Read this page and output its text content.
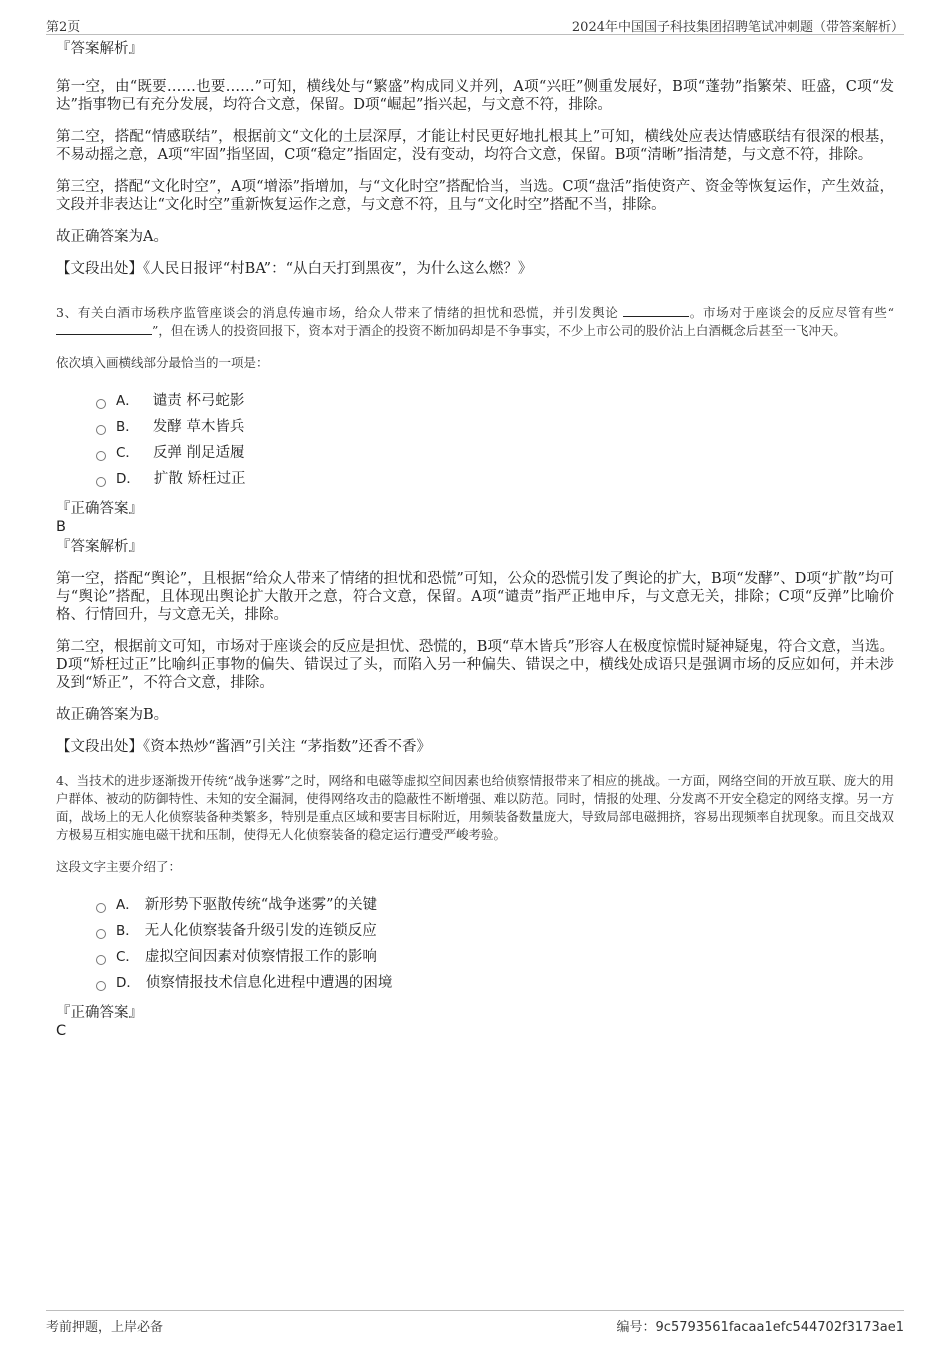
第2页	2024年中国国子科技集团招聘笔试冲刺题（带答案解析）

『答案解析』

第一空，由“既要……也要……”可知，横线处与“繁盛”构成同义并列，A项“兴旺”侧重发展好，B项“蓬勃”指繁荣、旺盛，C项“发达”指事物已有充分发展，均符合文意，保留。D项“崛起”指兴起，与文意不符，排除。

第二空，搭配“情感联结”，根据前文“文化的土层深厚，才能让村民更好地扎根其上”可知，横线处应表达情感联结有很深的根基，不易动摇之意，A项“牢固”指坚固，C项“稳定”指固定，没有变动，均符合文意，保留。B项“清晰”指清楚，与文意不符，排除。

第三空，搭配“文化时空”，A项“增添”指增加，与“文化时空”搭配恰当，当选。C项“盘活”指使资产、资金等恢复运作，产生效益，文段并非表达让“文化时空”重新恢复运作之意，与文意不符，且与“文化时空”搭配不当，排除。

故正确答案为A。

【文段出处】《人民日报评“村BA”：“从白天打到黑夜”，为什么这么燃？》

3、有关白酒市场秩序监管座谈会的消息传遍市场，给众人带来了情绪的担忧和恐慌，并引发舆论	。市场对于座谈会的反应尽管有些“ ”，但在诱人的投资回报下，资本对于酒企的投资不断加码却是不争事实，不少上市公司的股价沾上白酒概念后甚至一飞冲天。

依次填入画横线部分最恰当的一项是：

A． 谴责 杯弓蛇影
B． 发酵 草木皆兵
C． 反弹 削足适履
D． 扩散 矫枉过正

『正确答案』

B

『答案解析』

第一空，搭配“舆论”，且根据“给众人带来了情绪的担忧和恐慌”可知，公众的恐慌引发了舆论的扩大，B项“发酵”、D项“扩散”均可与“舆论”搭配，且体现出舆论扩大散开之意，符合文意，保留。A项“谴责”指严正地申斥，与文意无关，排除；C项“反弹”比喻价格、行情回升，与文意无关，排除。

第二空，根据前文可知，市场对于座谈会的反应是担忧、恐慌的，B项“草木皆兵”形容人在极度惊慌时疑神疑鬼，符合文意，当选。D项“矫枉过正”比喻纠正事物的偏失、错误过了头，而陷入另一种偏失、错误之中，横线处成语只是强调市场的反应如何，并未涉及到“矫正”，不符合文意，排除。

故正确答案为B。

【文段出处】《资本热炒“酱酒”引关注 “茅指数”还香不香》

4、当技术的进步逐渐拨开传统“战争迷雾”之时，网络和电磁等虚拟空间因素也给侦察情报带来了相应的挑战。一方面，网络空间的开放互联、庞大的用户群体、被动的防御特性、未知的安全漏洞，使得网络攻击的隐蔽性不断增强、难以防范。同时，情报的处理、分发离不开安全稳定的网络支撑。另一方面，战场上的无人化侦察装备种类繁多，特别是重点区域和要害目标附近，用频装备数量庞大，导致局部电磁拥挤，容易出现频率自扰现象。而且交战双方极易互相实施电磁干扰和压制，使得无人化侦察装备的稳定运行遭受严峻考验。

这段文字主要介绍了：

A． 新形势下驱散传统“战争迷雾”的关键
B． 无人化侦察装备升级引发的连锁反应
C． 虚拟空间因素对侦察情报工作的影响
D． 侦察情报技术信息化进程中遭遇的困境

『正确答案』

C

考前押题，上岸必备	编号：9c5793561facaa1efc544702f3173ae1
